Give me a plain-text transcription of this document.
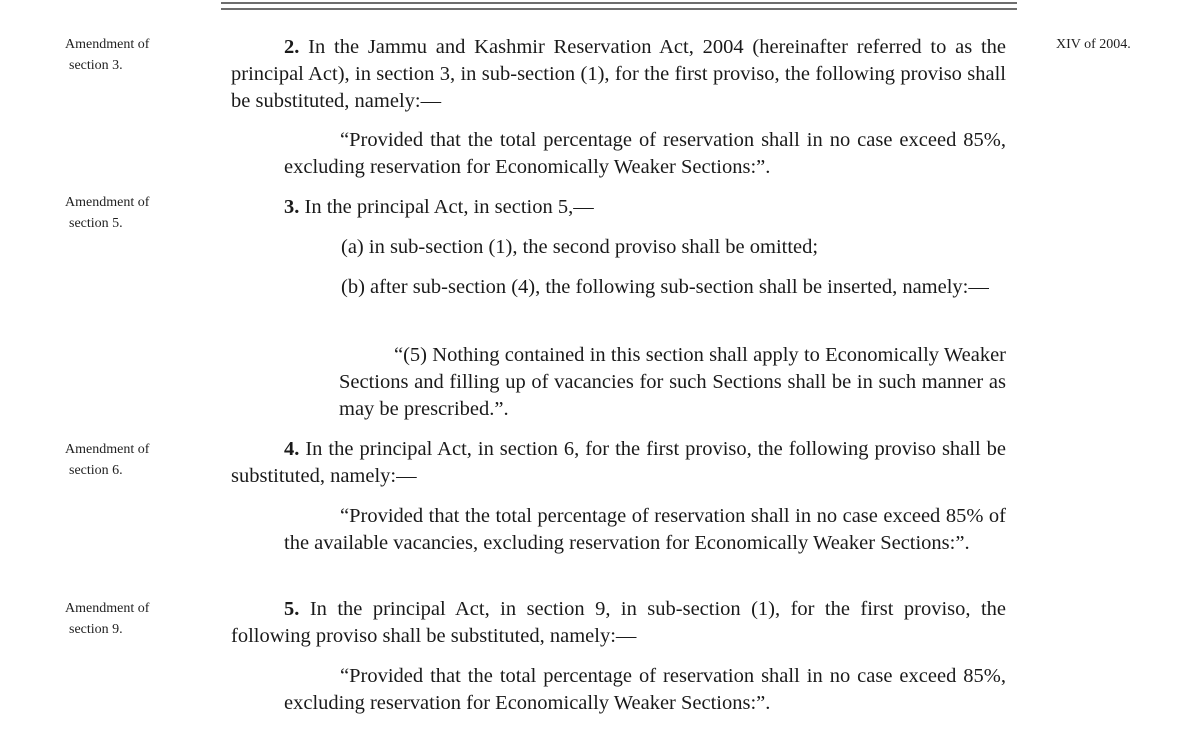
XIV of 2004.
Amendment of
section 3.
Amendment of
section 5.
Amendment of
section 6.
Amendment of
section 9.

2. In the Jammu and Kashmir Reservation Act, 2004 (hereinafter referred to as the principal Act), in section 3, in sub-section (1), for the first proviso, the following proviso shall be substituted, namely:—

“Provided that the total percentage of reservation shall in no case exceed 85%, excluding reservation for Economically Weaker Sections:”.

3. In the principal Act, in section 5,—

(a) in sub-section (1), the second proviso shall be omitted;

(b) after sub-section (4), the following sub-section shall be inserted, namely:—

“(5) Nothing contained in this section shall apply to Economically Weaker Sections and filling up of vacancies for such Sections shall be in such manner as may be prescribed.”.

4. In the principal Act, in section 6, for the first proviso, the following proviso shall be substituted, namely:—

“Provided that the total percentage of reservation shall in no case exceed 85% of the available vacancies, excluding reservation for Economically Weaker Sections:”.

5. In the principal Act, in section 9, in sub-section (1), for the first proviso, the following proviso shall be substituted, namely:—

“Provided that the total percentage of reservation shall in no case exceed 85%, excluding reservation for Economically Weaker Sections:”.
